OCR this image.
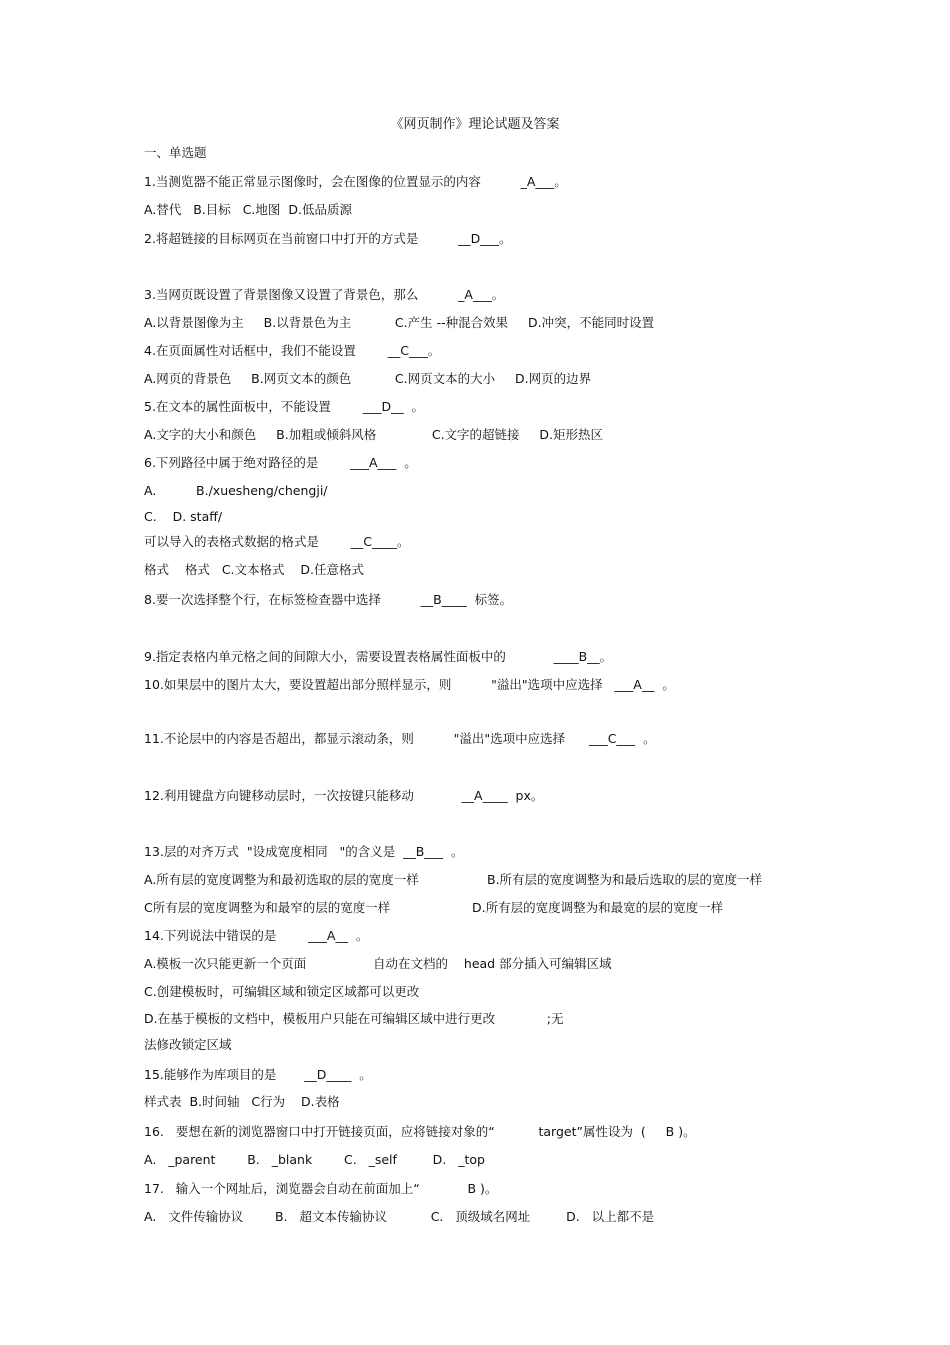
《网页制作》理论试题及答案
一、单选题
1.当测览器不能正常显示图像时，会在图像的位置显示的内容          _A___。
A.替代   B.目标   C.地图  D.低品质源
2.将超链接的目标网页在当前窗口中打开的方式是          __D___。
3.当网页既设置了背景图像又设置了背景色，那么          _A___。
A.以背景图像为主     B.以背景色为主           C.产生 --种混合效果     D.冲突，不能同时设置
4.在页面属性对话框中，我们不能设置        __C___。
A.网页的背景色     B.网页文本的颜色           C.网页文本的大小     D.网页的边界
5.在文本的属性面板中，不能设置        ___D__  。
A.文字的大小和颜色     B.加粗或倾斜风格              C.文字的超链接     D.矩形热区
6.下列路径中属于绝对路径的是        ___A___  。
A.          B./xuesheng/chengji/
C.    D. staff/
可以导入的表格式数据的格式是        __C____。
格式    格式   C.文本格式    D.任意格式
8.要一次选择整个行，在标签检查器中选择          __B____  标签。
9.指定表格内单元格之间的间隙大小，需要设置表格属性面板中的            ____B__。
10.如果层中的图片太大，要设置超出部分照样显示，则          "溢出"选项中应选择   ___A__  。
11.不论层中的内容是否超出，都显示滚动条，则          "溢出"选项中应选择      ___C___  。
12.利用键盘方向键移动层时，一次按键只能移动            __A____  px。
13.层的对齐万式  "设成宽度相同   "的含义是  __B___  。
A.所有层的宽度调整为和最初选取的层的宽度一样	B.所有层的宽度调整为和最后选取的层的宽度一样
C所有层的宽度调整为和最窄的层的宽度一样	D.所有层的宽度调整为和最宽的层的宽度一样
14.下列说法中错误的是        ___A__  。
A.模板一次只能更新一个页面	自动在文档的    head 部分插入可编辑区域
C.创建模板时，可编辑区域和锁定区域都可以更改
D.在基于模板的文档中，模板用户只能在可编辑区域中进行更改             ;无
法修改锁定区域
15.能够作为库项目的是       __D____  。
样式表  B.时间轴   C行为    D.表格
16.   要想在新的浏览器窗口中打开链接页面，应将链接对象的“           target”属性设为  (     B )。
A.   _parent        B.   _blank        C.   _self         D.   _top
17.   输入一个网址后，浏览器会自动在前面加上“            B )。
A.   文件传输协议        B.   超文本传输协议           C.   顶级域名网址         D.   以上都不是
